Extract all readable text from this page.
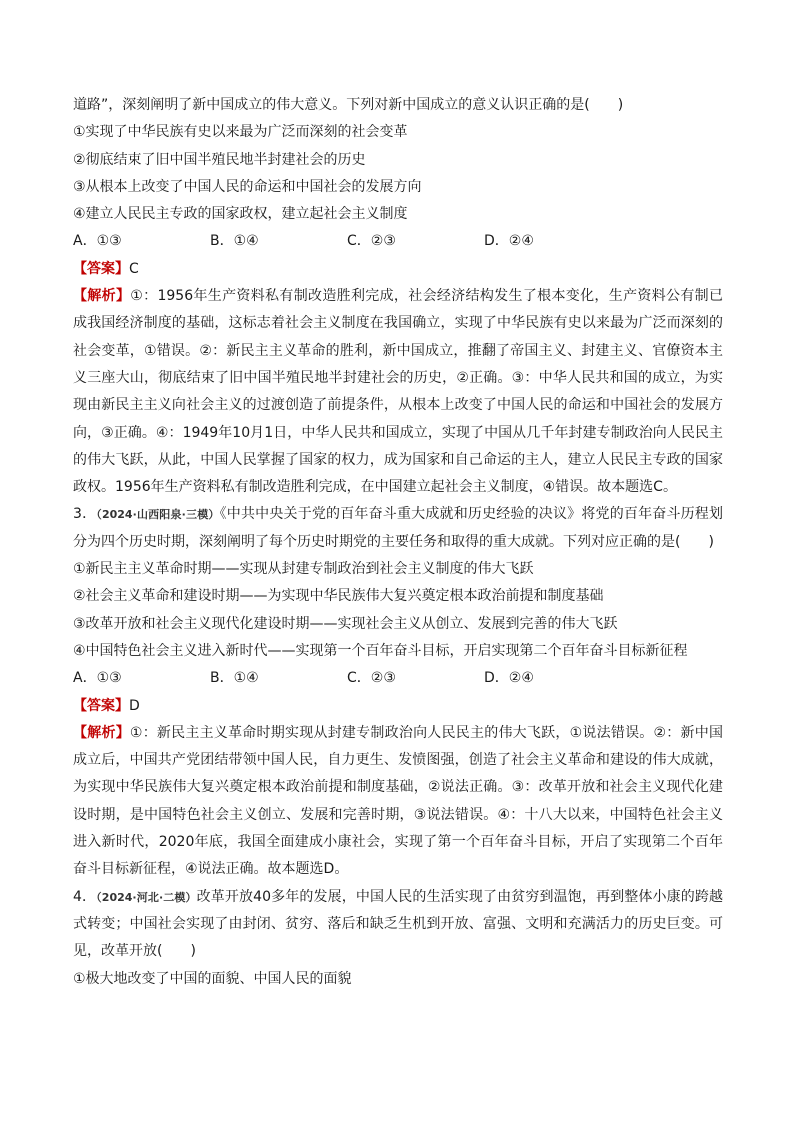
道路”，深刻阐明了新中国成立的伟大意义。下列对新中国成立的意义认识正确的是(　　)
①实现了中华民族有史以来最为广泛而深刻的社会变革
②彻底结束了旧中国半殖民地半封建社会的历史
③从根本上改变了中国人民的命运和中国社会的发展方向
④建立人民民主专政的国家政权，建立起社会主义制度
A．①③	B．①④	C．②③	D．②④
【答案】C
【解析】①：1956年生产资料私有制改造胜利完成，社会经济结构发生了根本变化，生产资料公有制已成我国经济制度的基础，这标志着社会主义制度在我国确立，实现了中华民族有史以来最为广泛而深刻的社会变革，①错误。②：新民主主义革命的胜利，新中国成立，推翻了帝国主义、封建主义、官僚资本主义三座大山，彻底结束了旧中国半殖民地半封建社会的历史，②正确。③：中华人民共和国的成立，为实现由新民主主义向社会主义的过渡创造了前提条件，从根本上改变了中国人民的命运和中国社会的发展方向，③正确。④：1949年10月1日，中华人民共和国成立，实现了中国从几千年封建专制政治向人民民主的伟大飞跃，从此，中国人民掌握了国家的权力，成为国家和自己命运的主人，建立人民民主专政的国家政权。1956年生产资料私有制改造胜利完成，在中国建立起社会主义制度，④错误。故本题选C。
3．（2024·山西阳泉·三模）《中共中央关于党的百年奋斗重大成就和历史经验的决议》将党的百年奋斗历程划分为四个历史时期，深刻阐明了每个历史时期党的主要任务和取得的重大成就。下列对应正确的是(　　)
①新民主主义革命时期——实现从封建专制政治到社会主义制度的伟大飞跃
②社会主义革命和建设时期——为实现中华民族伟大复兴奠定根本政治前提和制度基础
③改革开放和社会主义现代化建设时期——实现社会主义从创立、发展到完善的伟大飞跃
④中国特色社会主义进入新时代——实现第一个百年奋斗目标，开启实现第二个百年奋斗目标新征程
A．①③	B．①④	C．②③	D．②④
【答案】D
【解析】①：新民主主义革命时期实现从封建专制政治向人民民主的伟大飞跃，①说法错误。②：新中国成立后，中国共产党团结带领中国人民，自力更生、发愤图强，创造了社会主义革命和建设的伟大成就，为实现中华民族伟大复兴奠定根本政治前提和制度基础，②说法正确。③：改革开放和社会主义现代化建设时期，是中国特色社会主义创立、发展和完善时期，③说法错误。④：十八大以来，中国特色社会主义进入新时代，2020年底，我国全面建成小康社会，实现了第一个百年奋斗目标，开启了实现第二个百年奋斗目标新征程，④说法正确。故本题选D。
4．（2024·河北·二模）改革开放40多年的发展，中国人民的生活实现了由贫穷到温饱，再到整体小康的跨越式转变；中国社会实现了由封闭、贫穷、落后和缺乏生机到开放、富强、文明和充满活力的历史巨变。可见，改革开放(　　)
①极大地改变了中国的面貌、中国人民的面貌
